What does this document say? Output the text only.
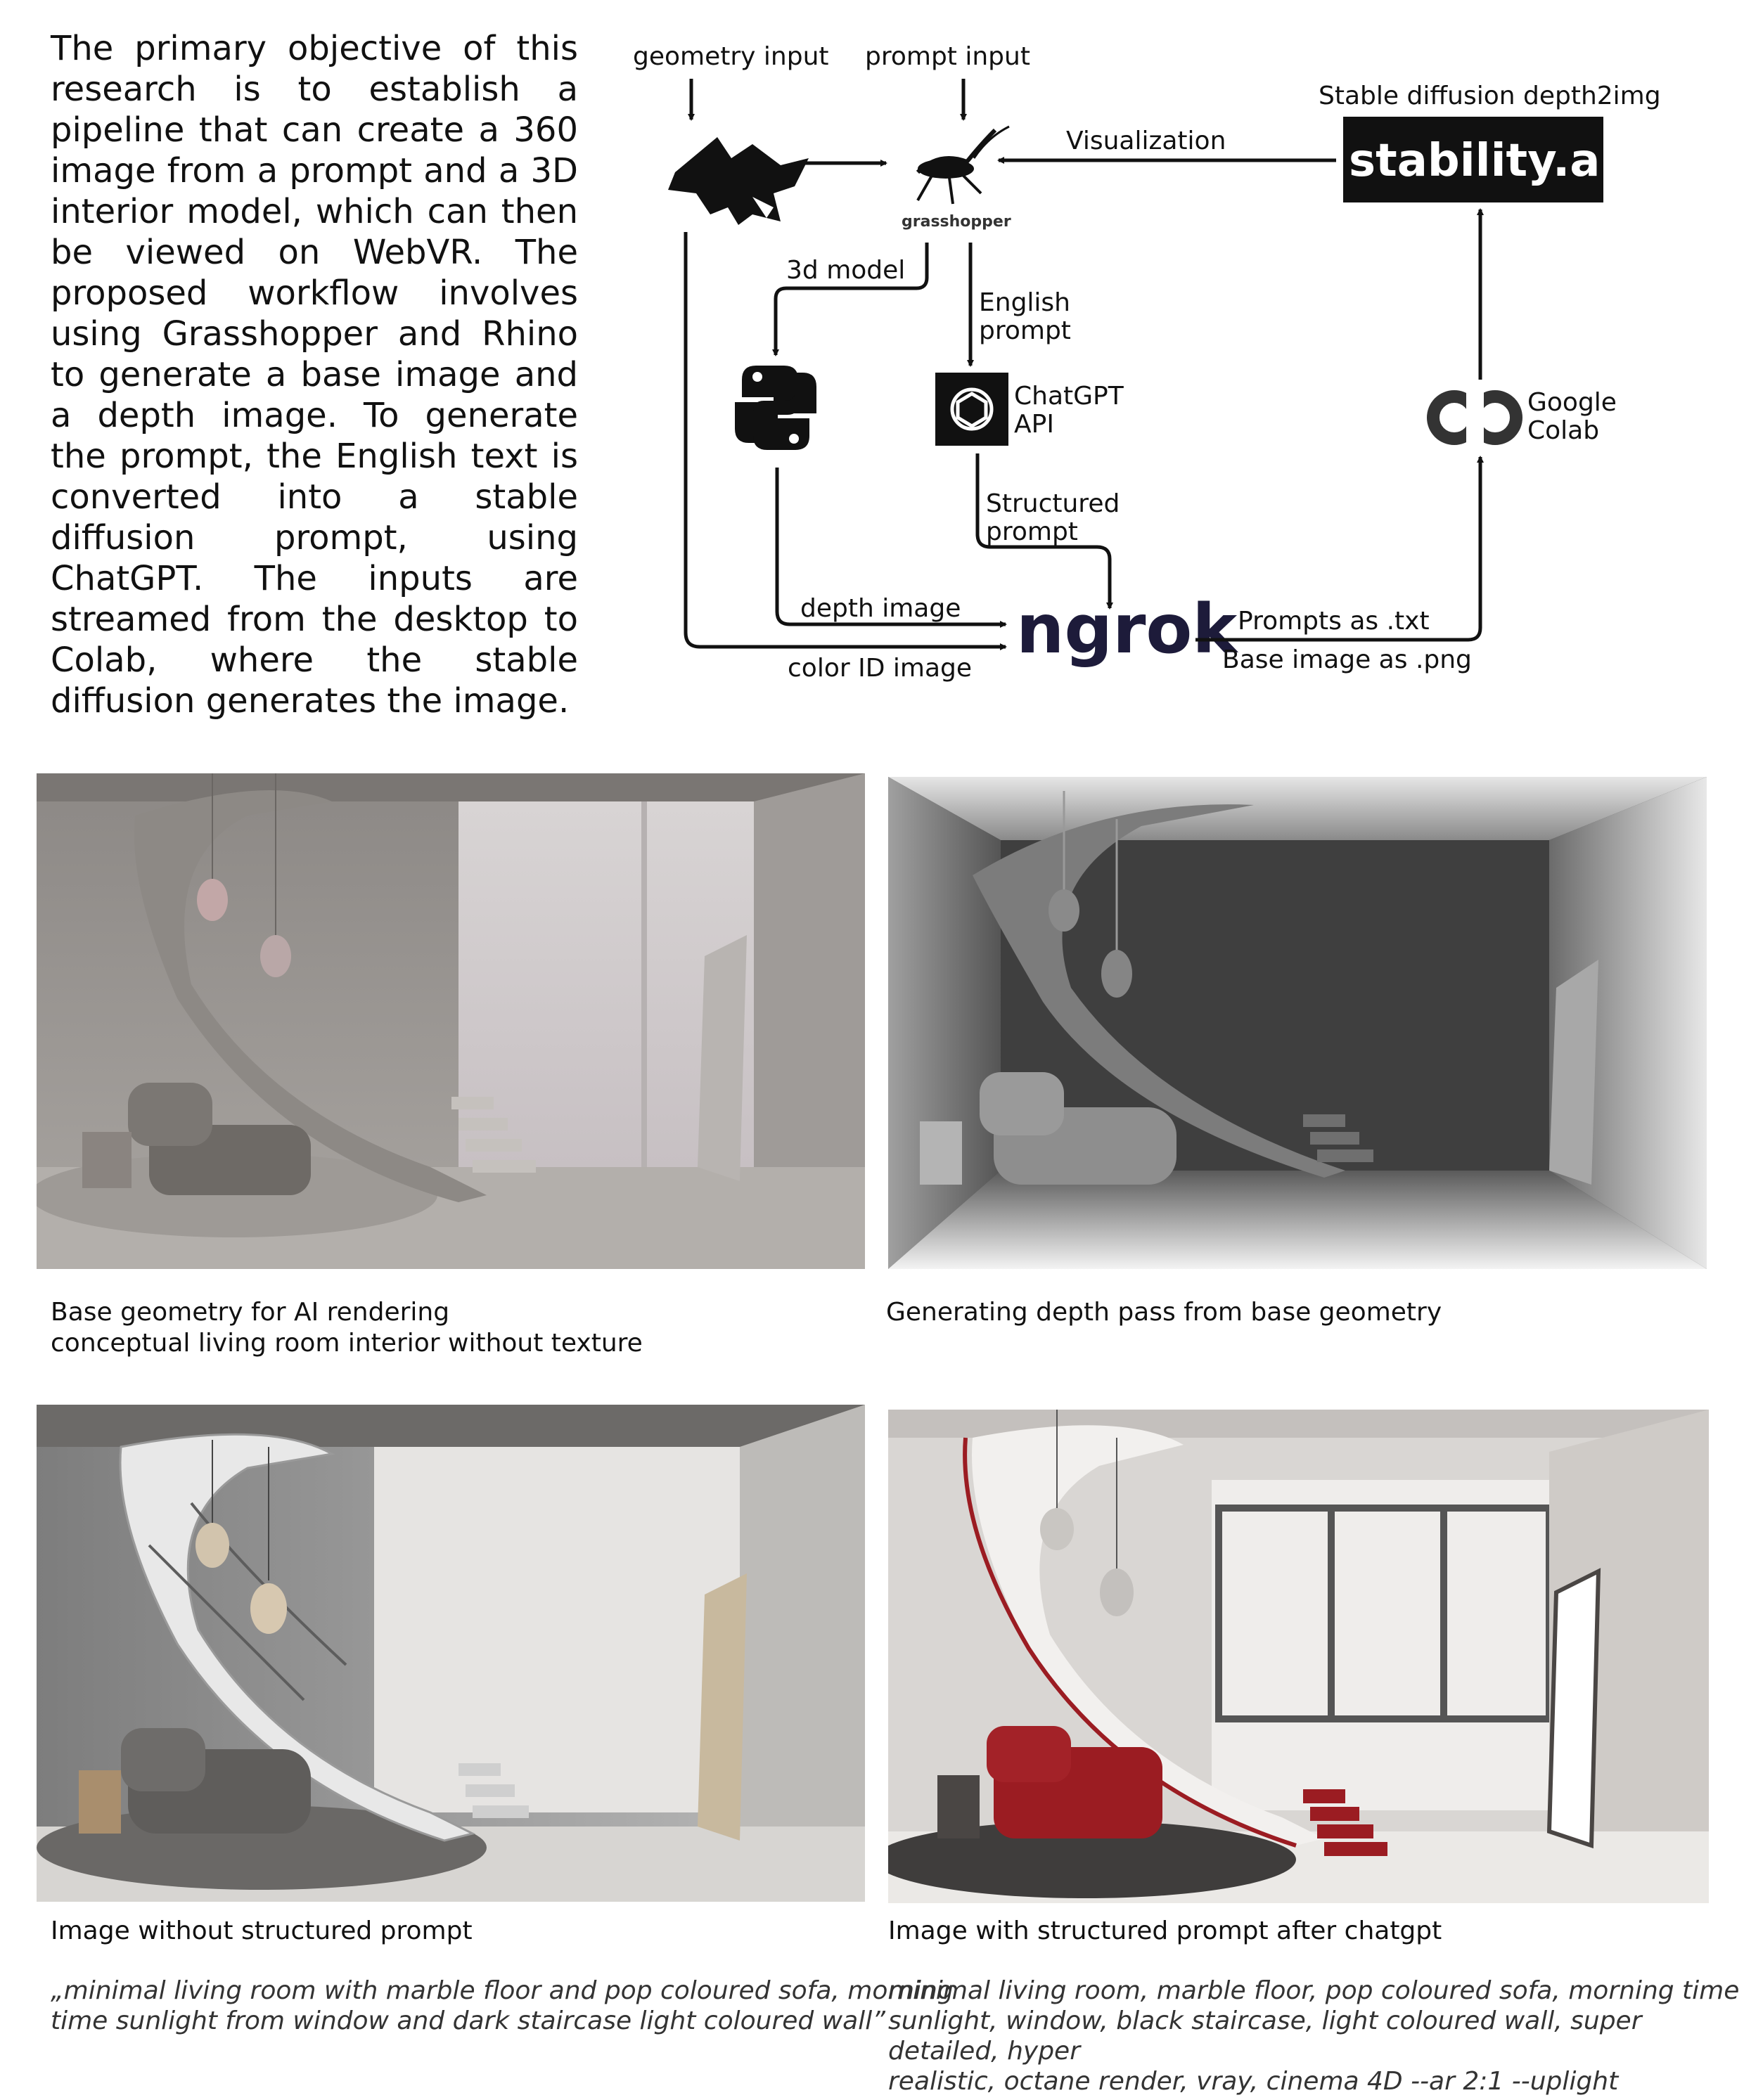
The primary objective of this research is to establish a pipeline that can create a 360 image from a prompt and a 3D interior model, which can then be viewed on WebVR. The proposed workflow involves using Grasshopper and Rhino to generate a base image and a depth image. To generate the prompt, the English text is converted into a stable diffusion prompt, using ChatGPT. The inputs are streamed from the desktop to Colab, where the stable diffusion generates the image.
geometry input prompt input
grasshopper
Visualization
Stable diffusion depth2img
stability.ai
3d model
English
prompt
ChatGPT
API
Google
Colab
Structured
prompt
depth image
color ID image ngrok Prompts as .txt
Base image as .png
Base geometry for AI rendering
conceptual living room interior without texture
Generating depth pass from base geometry
Image without structured prompt	Image with structured prompt after chatgpt
„minimal living room with marble floor and pop coloured sofa, morning
time sunlight from window and dark staircase light coloured wall”
minimal living room, marble floor, pop coloured sofa, morning time
sunlight, window, black staircase, light coloured wall, super detailed, hyper
realistic, octane render, vray, cinema 4D --ar 2:1 --uplight
